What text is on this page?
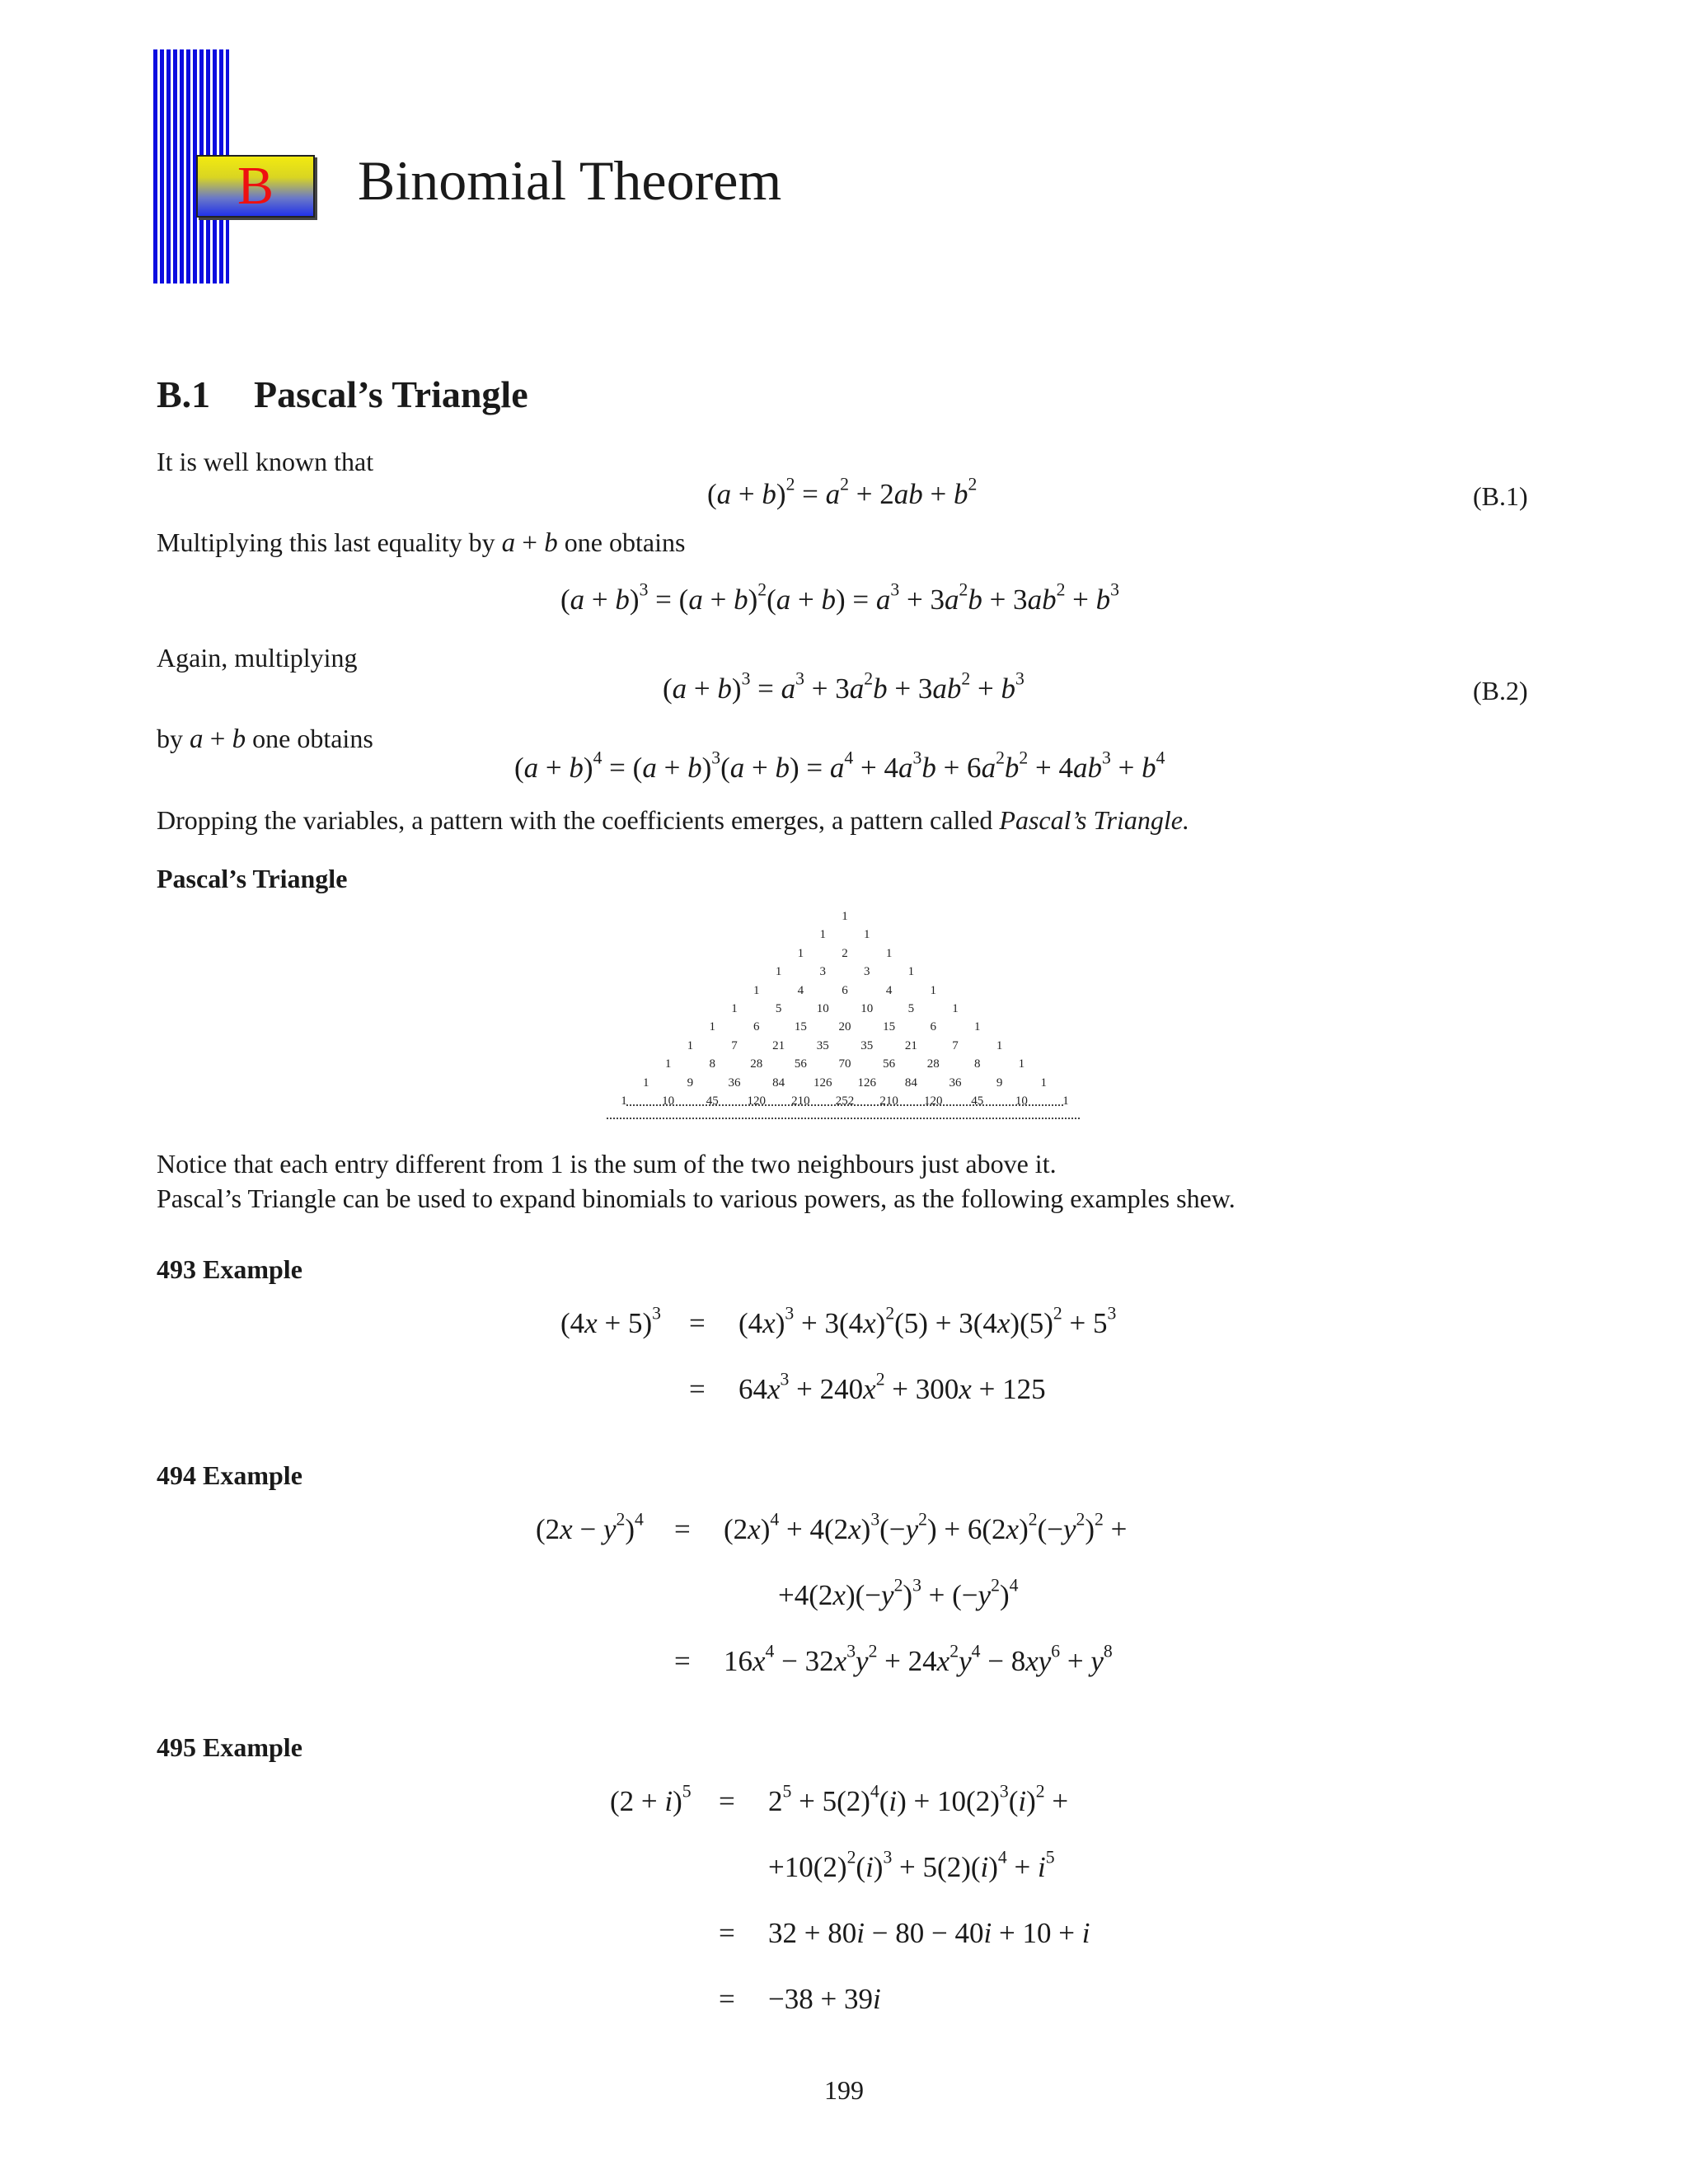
B	Binomial Theorem
B.1 Pascal’s Triangle
It is well known that
$(a + b)^2 = a^2 + 2ab + b^2$	(B.1)
Multiplying this last equality by a + b one obtains
$(a + b)^3 = (a + b)^2(a + b) = a^3 + 3a^2b + 3ab^2 + b^3$
Again, multiplying
$(a + b)^3 = a^3 + 3a^2b + 3ab^2 + b^3$	(B.2)
by a + b one obtains
$(a + b)^4 = (a + b)^3(a + b) = a^4 + 4a^3b + 6a^2b^2 + 4ab^3 + b^4$
Dropping the variables, a pattern with the coefficients emerges, a pattern called Pascal’s Triangle.
Pascal’s Triangle
1
1	1
1	2	1
1	3	3	1
1	4	6	4	1
1	5	10	10	5	1
1	6	15	20	15	6	1
1	7	21	35	35	21	7	1
1	8	28	56	70	56	28	8	1
1	9	36	84 126 126 84	36	9	1
1	10	45 120 210 252 210 120 45	10	1
Notice that each entry different from 1 is the sum of the two neighbours just above it.
Pascal’s Triangle can be used to expand binomials to various powers, as the following examples shew.
493 Example
$(4x + 5)^3 = (4x)^3 + 3(4x)^2(5) + 3(4x)(5)^2 + 5^3$
= $64x^3 + 240x^2 + 300x + 125$
494 Example
$(2x - y^2)^4 = (2x)^4 + 4(2x)^3(-y^2) + 6(2x)^2(-y^2)^2$ +
$+4(2x)(-y^2)^3 + (-y^2)^4$
= $16x^4 - 32x^3y^2 + 24x^2y^4 - 8xy^6 + y^8$
495 Example
$(2 + i)^5 = 2^5 + 5(2)^4(i) + 10(2)^3(i)^2$ +
$+10(2)^2(i)^3 + 5(2)(i)^4 + i^5$
= 32 + 80i − 80 − 40i + 10 + i
= −38 + 39i
199
